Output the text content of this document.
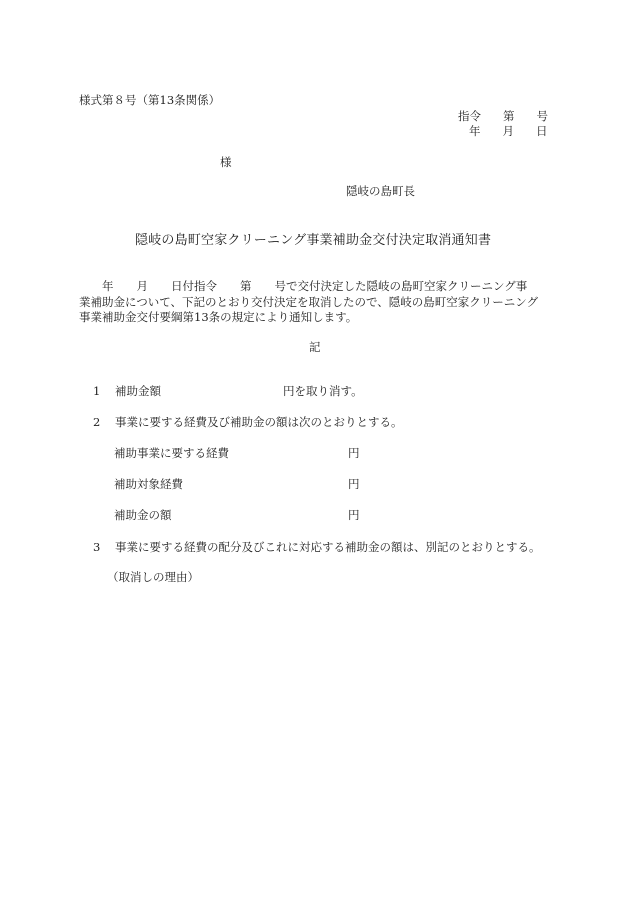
様式第８号（第13条関係）
指令 第 号
年 月 日
様
隠岐の島町長
隠岐の島町空家クリーニング事業補助金交付決定取消通知書

　　年　　月　　日付指令　　第　　号で交付決定した隠岐の島町空家クリーニング事

業補助金について、下記のとおり交付決定を取消したので、隠岐の島町空家クリーニング

事業補助金交付要綱第13条の規定により通知します。

記
1 補助金額	円を取り消す。
2 事業に要する経費及び補助金の額は次のとおりとする。
補助事業に要する経費	円
補助対象経費	円
補助金の額	円
3 事業に要する経費の配分及びこれに対応する補助金の額は、別記のとおりとする。
（取消しの理由）
